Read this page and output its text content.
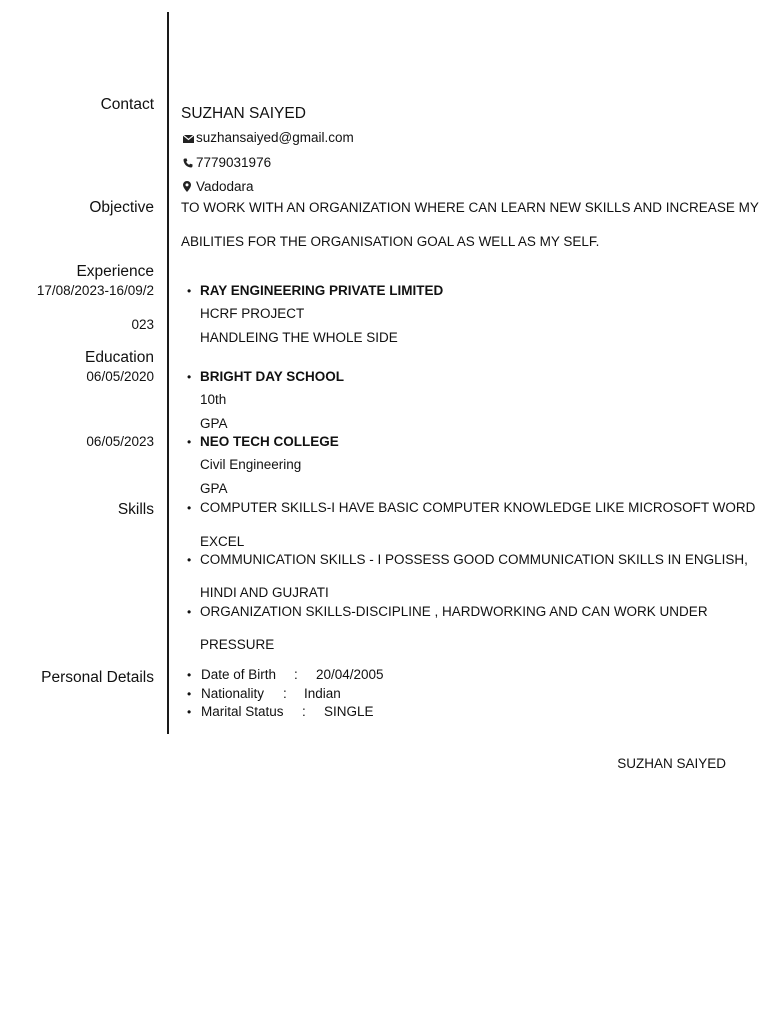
Contact
Objective
Experience
Education
Skills
Personal Details
17/08/2023-16/09/2
023
06/05/2020
06/05/2023
SUZHAN SAIYED
suzhansaiyed@gmail.com
7779031976
Vadodara
TO WORK WITH AN ORGANIZATION WHERE CAN LEARN NEW SKILLS AND INCREASE MY
ABILITIES FOR THE ORGANISATION GOAL AS WELL AS MY SELF.
• RAY ENGINEERING PRIVATE LIMITED
HCRF PROJECT
HANDLEING THE WHOLE SIDE
• BRIGHT DAY SCHOOL
10th
GPA
• NEO TECH COLLEGE
Civil Engineering
GPA
• COMPUTER SKILLS-I HAVE BASIC COMPUTER KNOWLEDGE LIKE MICROSOFT WORD
EXCEL
• COMMUNICATION SKILLS - I POSSESS GOOD COMMUNICATION SKILLS IN ENGLISH,
HINDI AND GUJRATI
• ORGANIZATION SKILLS-DISCIPLINE , HARDWORKING AND CAN WORK UNDER
PRESSURE
• Date of Birth : 20/04/2005
• Nationality : Indian
• Marital Status : SINGLE
SUZHAN SAIYED
